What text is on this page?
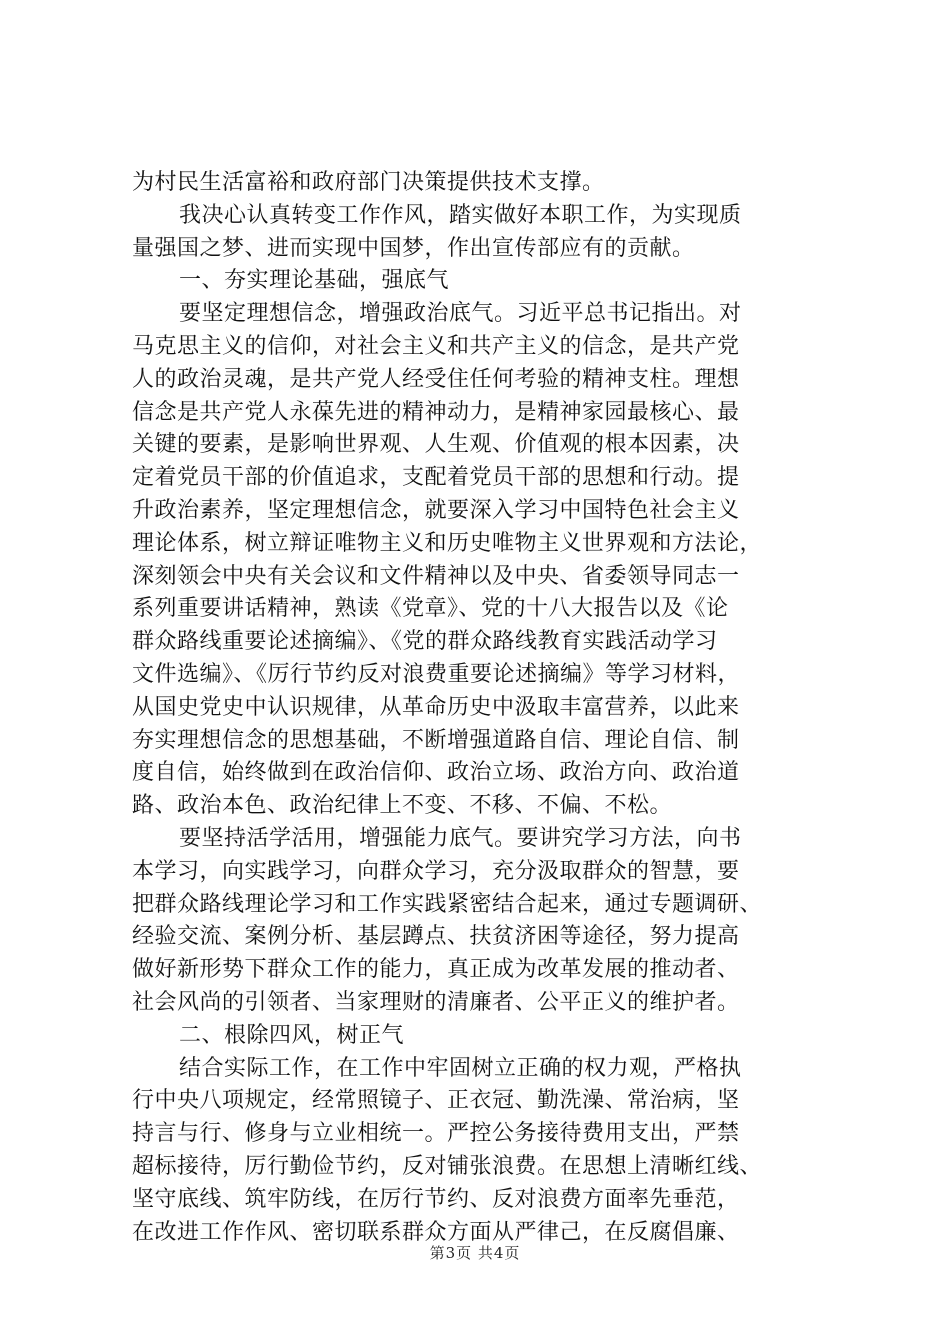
为村民生活富裕和政府部门决策提供技术支撑。
我决心认真转变工作作风，踏实做好本职工作，为实现质
量强国之梦、进而实现中国梦，作出宣传部应有的贡献。
一、夯实理论基础，强底气
要坚定理想信念，增强政治底气。习近平总书记指出。对
马克思主义的信仰，对社会主义和共产主义的信念，是共产党
人的政治灵魂，是共产党人经受住任何考验的精神支柱。理想
信念是共产党人永葆先进的精神动力，是精神家园最核心、最
关键的要素，是影响世界观、人生观、价值观的根本因素，决
定着党员干部的价值追求，支配着党员干部的思想和行动。提
升政治素养，坚定理想信念，就要深入学习中国特色社会主义
理论体系，树立辩证唯物主义和历史唯物主义世界观和方法论，
深刻领会中央有关会议和文件精神以及中央、省委领导同志一
系列重要讲话精神，熟读《党章》、党的十八大报告以及《论
群众路线重要论述摘编》、《党的群众路线教育实践活动学习
文件选编》、《厉行节约反对浪费重要论述摘编》等学习材料，
从国史党史中认识规律，从革命历史中汲取丰富营养，以此来
夯实理想信念的思想基础，不断增强道路自信、理论自信、制
度自信，始终做到在政治信仰、政治立场、政治方向、政治道
路、政治本色、政治纪律上不变、不移、不偏、不松。
要坚持活学活用，增强能力底气。要讲究学习方法，向书
本学习，向实践学习，向群众学习，充分汲取群众的智慧，要
把群众路线理论学习和工作实践紧密结合起来，通过专题调研、
经验交流、案例分析、基层蹲点、扶贫济困等途径，努力提高
做好新形势下群众工作的能力，真正成为改革发展的推动者、
社会风尚的引领者、当家理财的清廉者、公平正义的维护者。
二、根除四风，树正气
结合实际工作，在工作中牢固树立正确的权力观，严格执
行中央八项规定，经常照镜子、正衣冠、勤洗澡、常治病，坚
持言与行、修身与立业相统一。严控公务接待费用支出，严禁
超标接待，厉行勤俭节约，反对铺张浪费。在思想上清晰红线、
坚守底线、筑牢防线，在厉行节约、反对浪费方面率先垂范，
在改进工作作风、密切联系群众方面从严律己，在反腐倡廉、
第3页 共4页
